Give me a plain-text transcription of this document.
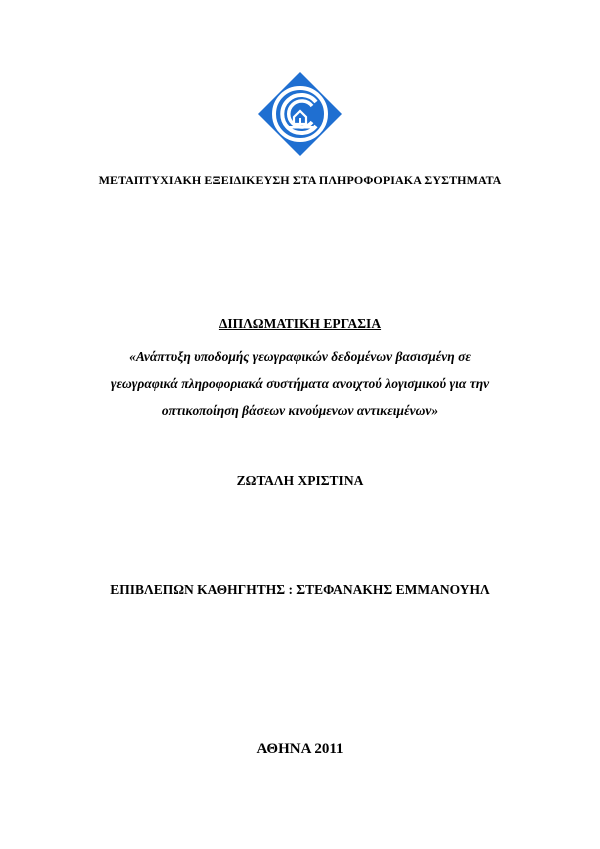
ΜΕΤΑΠΤΥΧΙΑΚΗ ΕΞΕΙΔΙΚΕΥΣΗ ΣΤΑ ΠΛΗΡΟΦΟΡΙΑΚΑ ΣΥΣΤΗΜΑΤΑ
ΔΙΠΛΩΜΑΤΙΚΗ ΕΡΓΑΣΙΑ
«Ανάπτυξη υποδομής γεωγραφικών δεδομένων βασισμένη σε
γεωγραφικά πληροφοριακά συστήματα ανοιχτού λογισμικού για την
οπτικοποίηση βάσεων κινούμενων αντικειμένων»
ΖΩΤΑΛΗ ΧΡΙΣΤΙΝΑ
ΕΠΙΒΛΕΠΩΝ ΚΑΘΗΓΗΤΗΣ : ΣΤΕΦΑΝΑΚΗΣ ΕΜΜΑΝΟΥΗΛ
ΑΘΗΝΑ 2011
